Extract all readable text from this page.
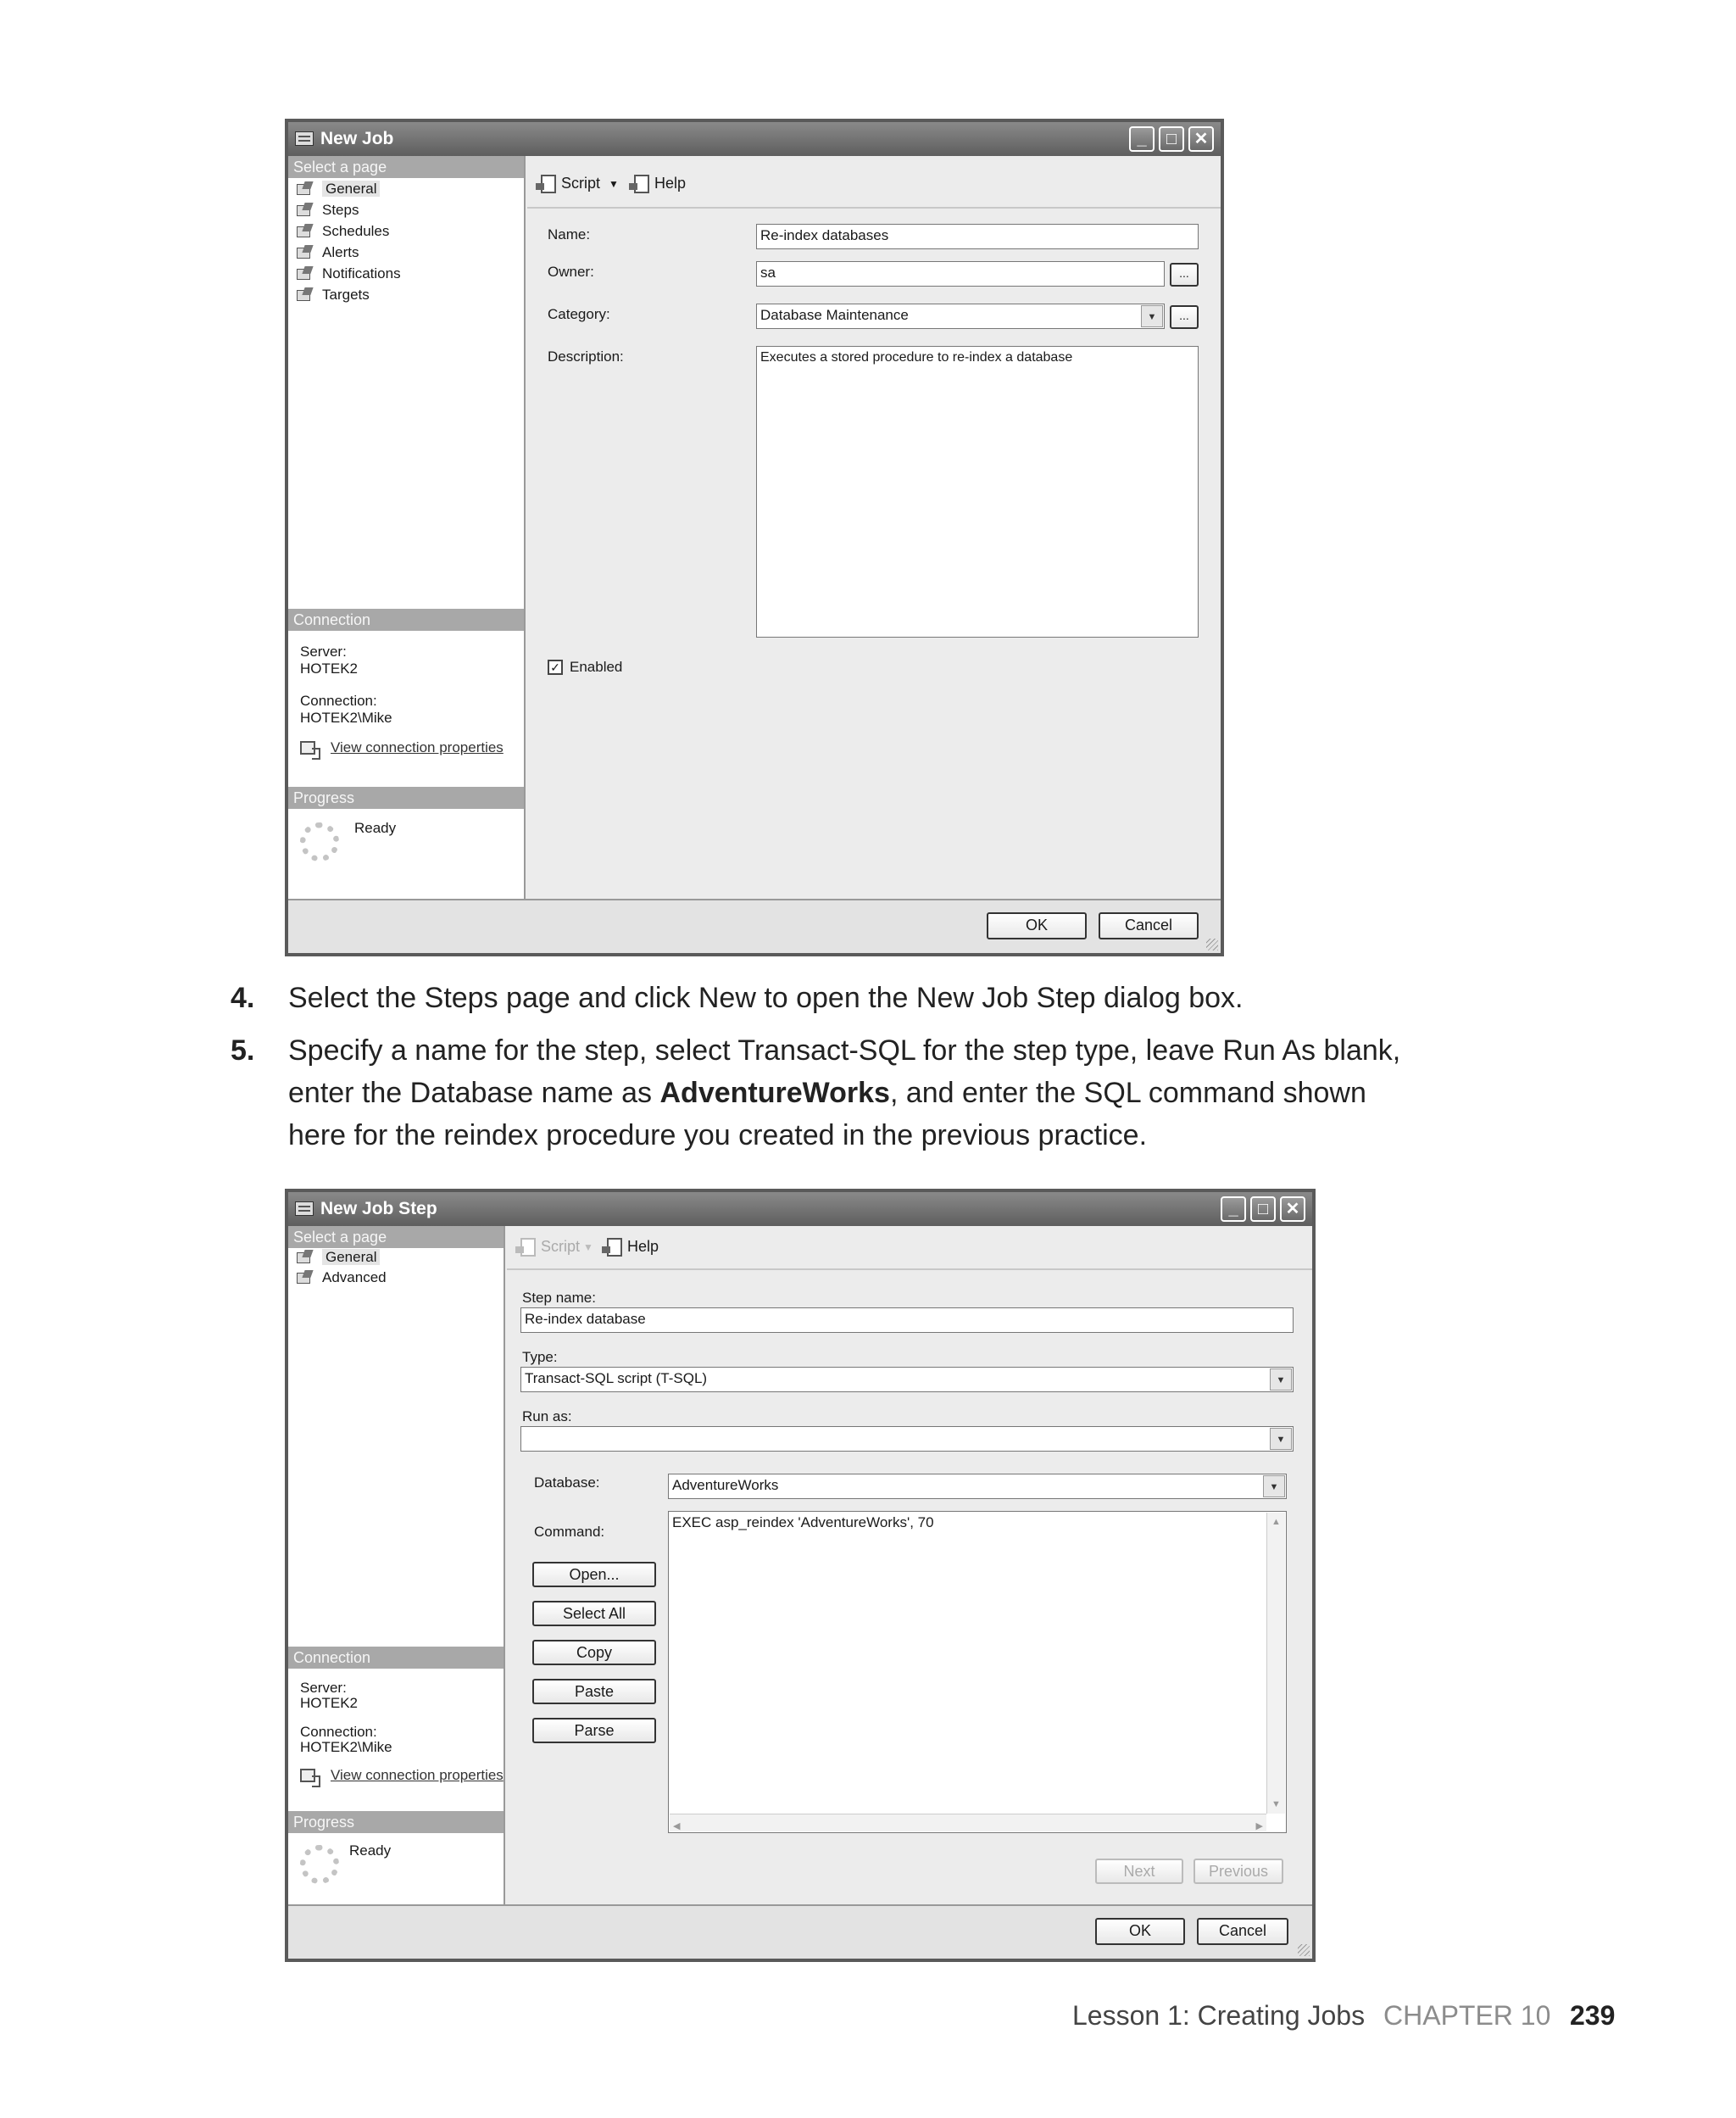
New Job	_	□	✕
Select a page
General
Steps
Schedules
Alerts
Notifications
Targets
Connection
Server:
HOTEK2
Connection:
HOTEK2\Mike
View connection properties
Progress
Ready
Script ▼	Help
Name:	Re-index databases
Owner:	sa	...
Category:	Database Maintenance	▼	...
Description:	Executes a stored procedure to re-index a database
✓ Enabled
OK	Cancel
4. Select the Steps page and click New to open the New Job Step dialog box.
5. Specify a name for the step, select Transact-SQL for the step type, leave Run As blank,
enter the Database name as AdventureWorks, and enter the SQL command shown
here for the reindex procedure you created in the previous practice.
New Job Step	_	□	✕
Select a page
General
Advanced
Connection
Server:
HOTEK2
Connection:
HOTEK2\Mike
View connection properties
Progress
Ready
Script ▼	Help
Step name:
Re-index database
Type:
Transact-SQL script (T-SQL)	▼
Run as:
▼
Database:	AdventureWorks	▼
Command:
EXEC asp_reindex 'AdventureWorks', 70	▲
▼
◀	▶
Open...
Select All
Copy
Paste
Parse
Next	Previous
OK	Cancel
Lesson 1: Creating Jobs CHAPTER 10 239
